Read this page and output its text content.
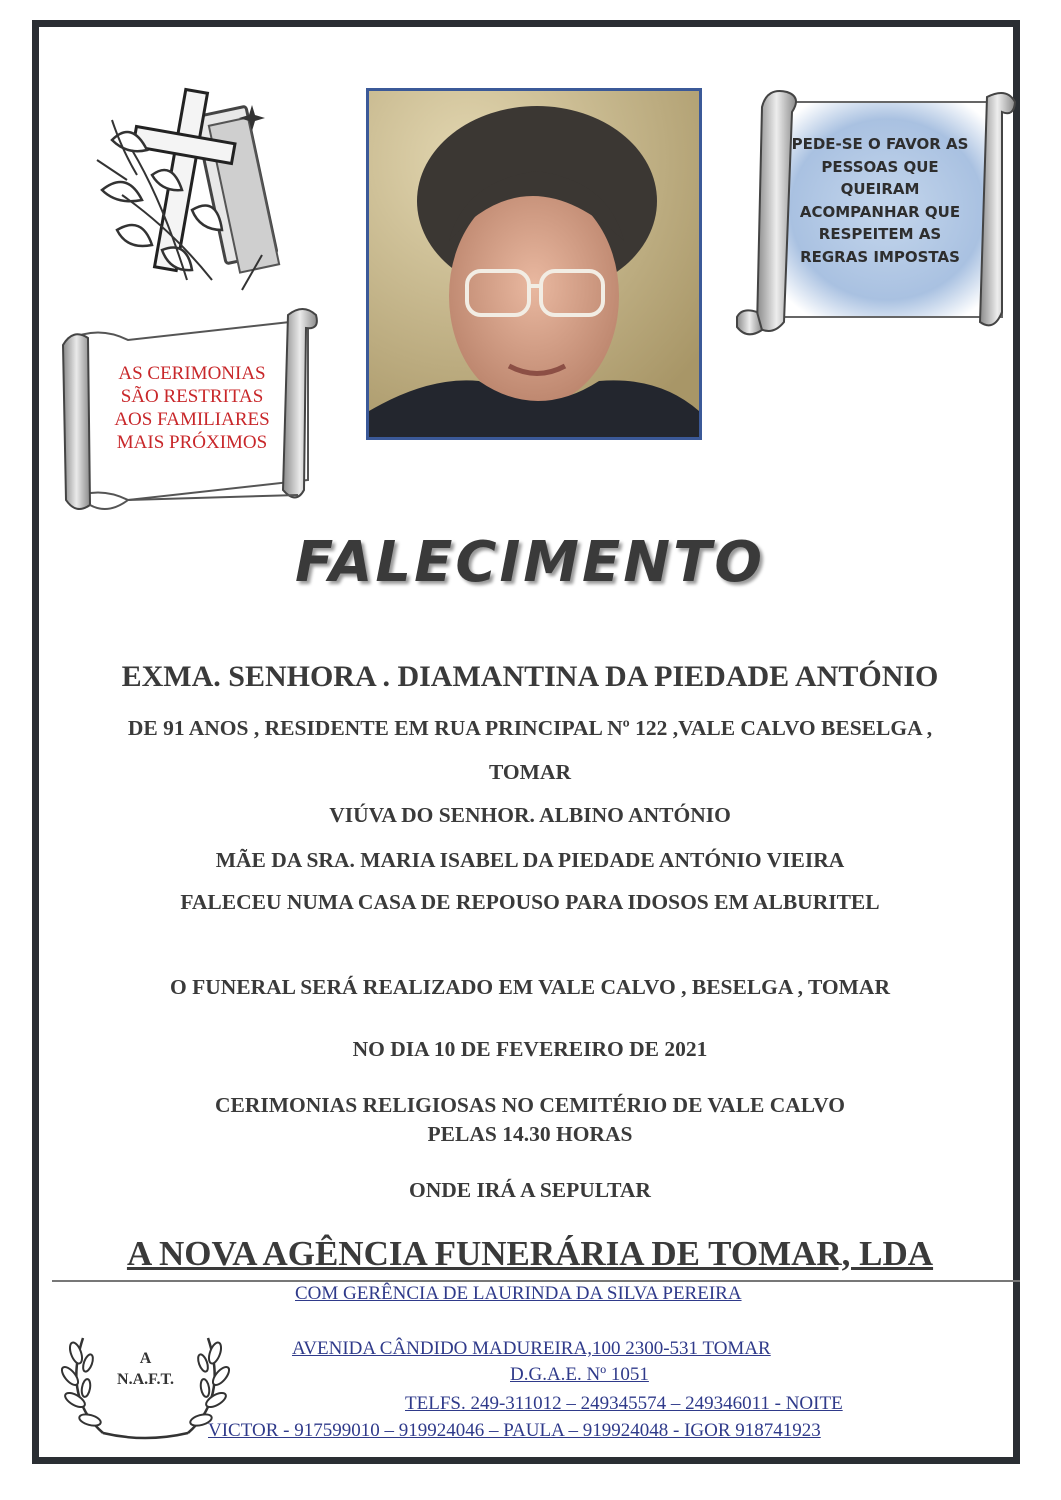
AS CERIMONIAS
SÃO RESTRITAS
AOS FAMILIARES
MAIS PRÓXIMOS
PEDE-SE O FAVOR AS
PESSOAS QUE
QUEIRAM
ACOMPANHAR QUE
RESPEITEM AS
REGRAS IMPOSTAS
FALECIMENTO
EXMA. SENHORA . DIAMANTINA DA PIEDADE ANTÓNIO
DE 91 ANOS , RESIDENTE EM RUA PRINCIPAL Nº 122 ,VALE CALVO BESELGA ,
TOMAR
VIÚVA DO SENHOR. ALBINO ANTÓNIO
MÃE DA SRA. MARIA ISABEL DA PIEDADE ANTÓNIO VIEIRA
FALECEU NUMA CASA DE REPOUSO PARA IDOSOS EM ALBURITEL
O FUNERAL SERÁ REALIZADO EM VALE CALVO , BESELGA , TOMAR
NO DIA 10 DE FEVEREIRO DE 2021
CERIMONIAS RELIGIOSAS NO CEMITÉRIO DE VALE CALVO
PELAS 14.30 HORAS
ONDE IRÁ A SEPULTAR
A NOVA AGÊNCIA FUNERÁRIA DE TOMAR, LDA
COM GERÊNCIA DE LAURINDA DA SILVA PEREIRA
AVENIDA CÂNDIDO MADUREIRA,100 2300-531 TOMAR
D.G.A.E. Nº 1051
TELFS. 249-311012 – 249345574 – 249346011 - NOITE
VICTOR - 917599010 – 919924046 – PAULA – 919924048 - IGOR 918741923
A
N.A.F.T.
